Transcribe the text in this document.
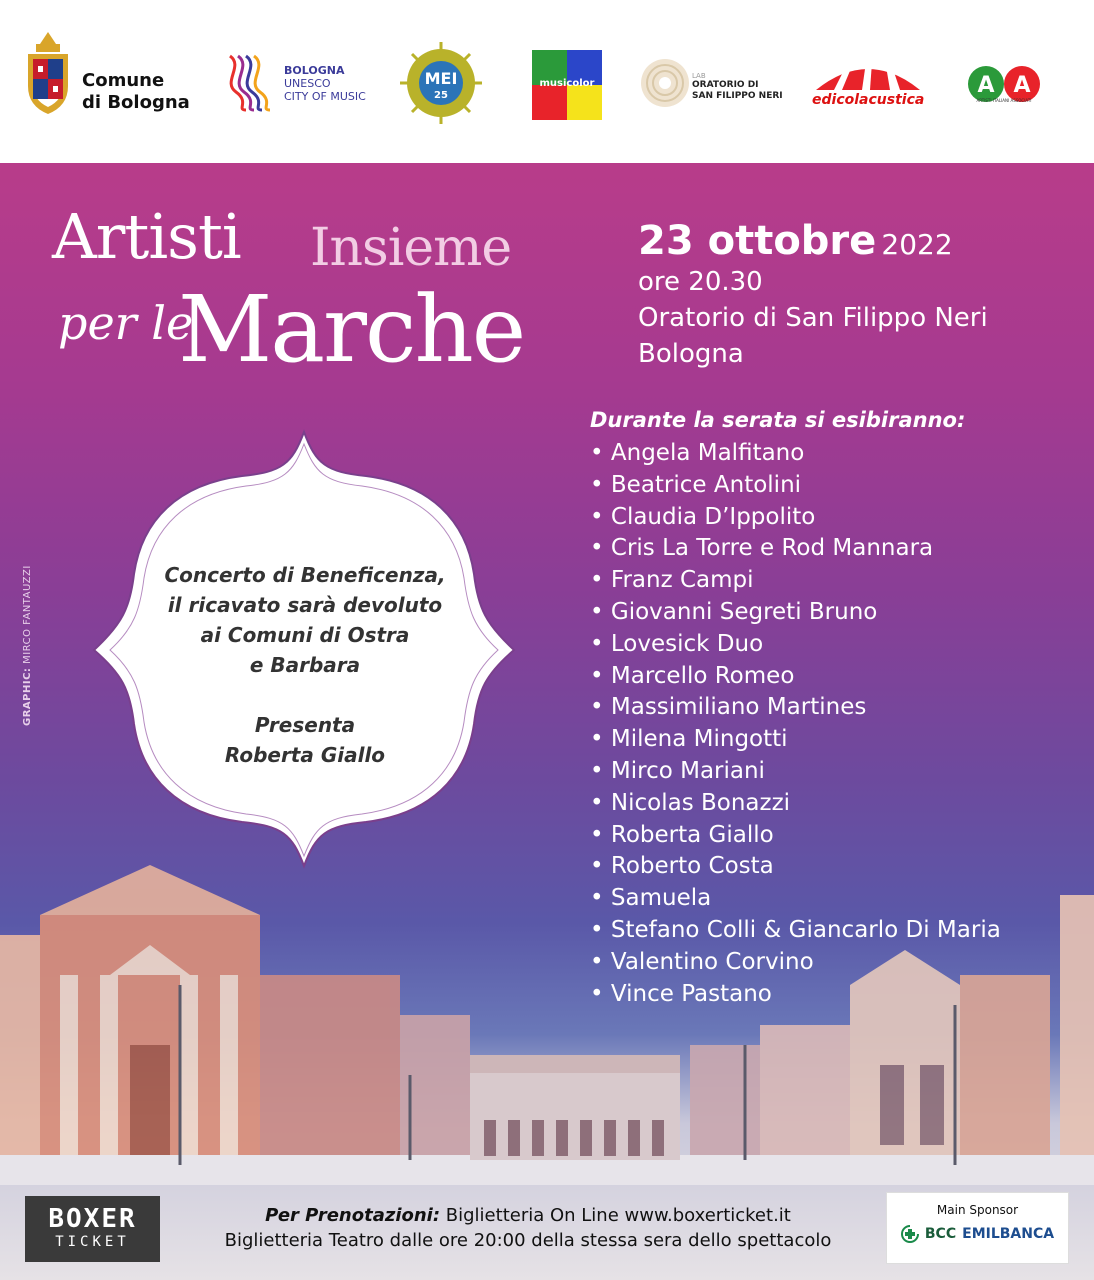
Comune
di Bologna
BOLOGNA
UNESCO
CITY OF MUSIC
MEI
25
musicolor
LAB
ORATORIO DI
SAN FILIPPO NERI edicolacustica
A A
ARTISTI ITALIANI ASSOCIATI
Artisti Insieme
per le
Marche
23 ottobre 2022
ore 20.30
Oratorio di San Filippo Neri
Bologna
GRAPHIC: MIRCO FANTAUZZI	Concerto di Beneficenza,
il ricavato sarà devoluto
ai Comuni di Ostra
e Barbara
Presenta
Roberta Giallo
Durante la serata si esibiranno:
• Angela Malfitano
• Beatrice Antolini
• Claudia D’Ippolito
• Cris La Torre e Rod Mannara
• Franz Campi
• Giovanni Segreti Bruno
• Lovesick Duo
• Marcello Romeo
• Massimiliano Martines
• Milena Mingotti
• Mirco Mariani
• Nicolas Bonazzi
• Roberta Giallo
• Roberto Costa
• Samuela
• Stefano Colli & Giancarlo Di Maria
• Valentino Corvino
• Vince Pastano
BOXER
TICKET
Per Prenotazioni: Biglietteria On Line www.boxerticket.it
Biglietteria Teatro dalle ore 20:00 della stessa sera dello spettacolo
Main Sponsor
BCC EMILBANCA
